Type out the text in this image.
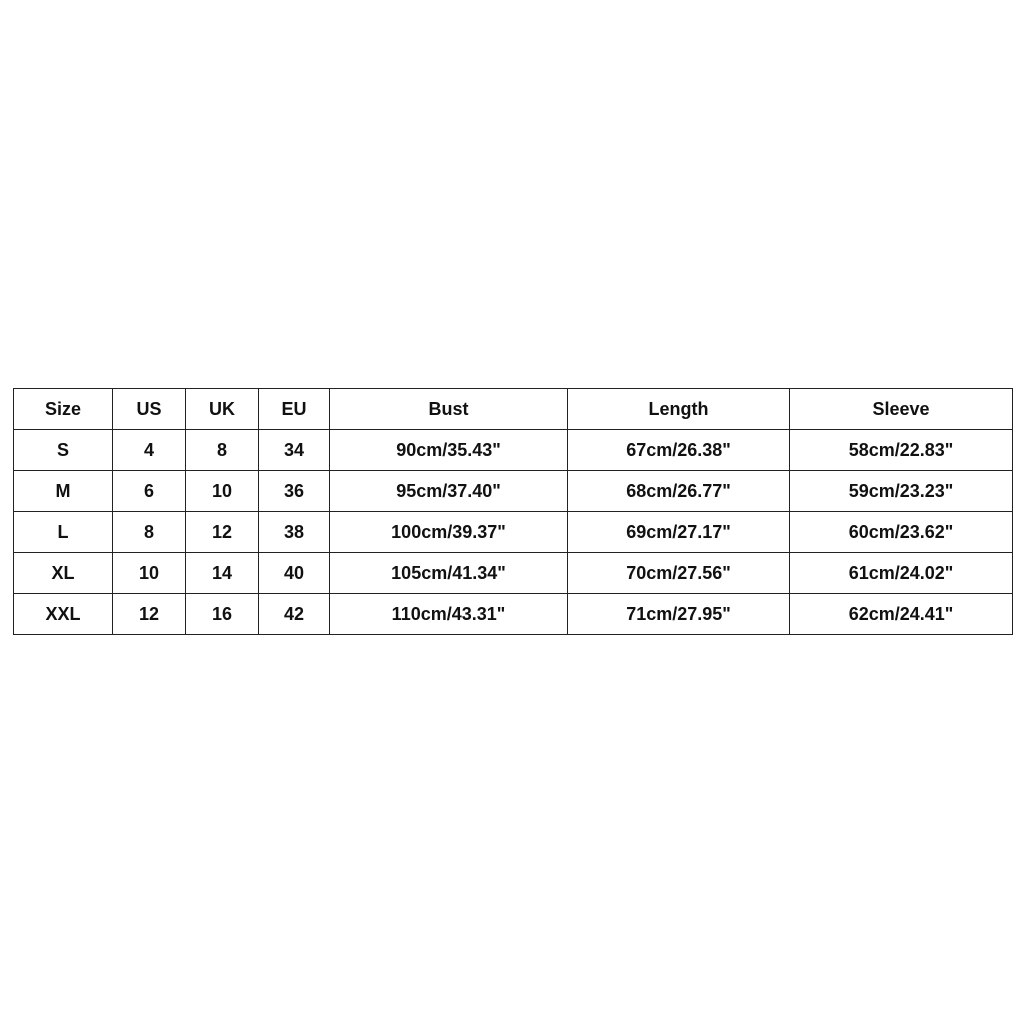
Size	US	UK	EU	Bust	Length	Sleeve
S	4	8	34	90cm/35.43"	67cm/26.38"	58cm/22.83"
M	6	10	36	95cm/37.40"	68cm/26.77"	59cm/23.23"
L	8	12	38	100cm/39.37"	69cm/27.17"	60cm/23.62"
XL	10	14	40	105cm/41.34"	70cm/27.56"	61cm/24.02"
XXL	12	16	42	110cm/43.31"	71cm/27.95"	62cm/24.41"
